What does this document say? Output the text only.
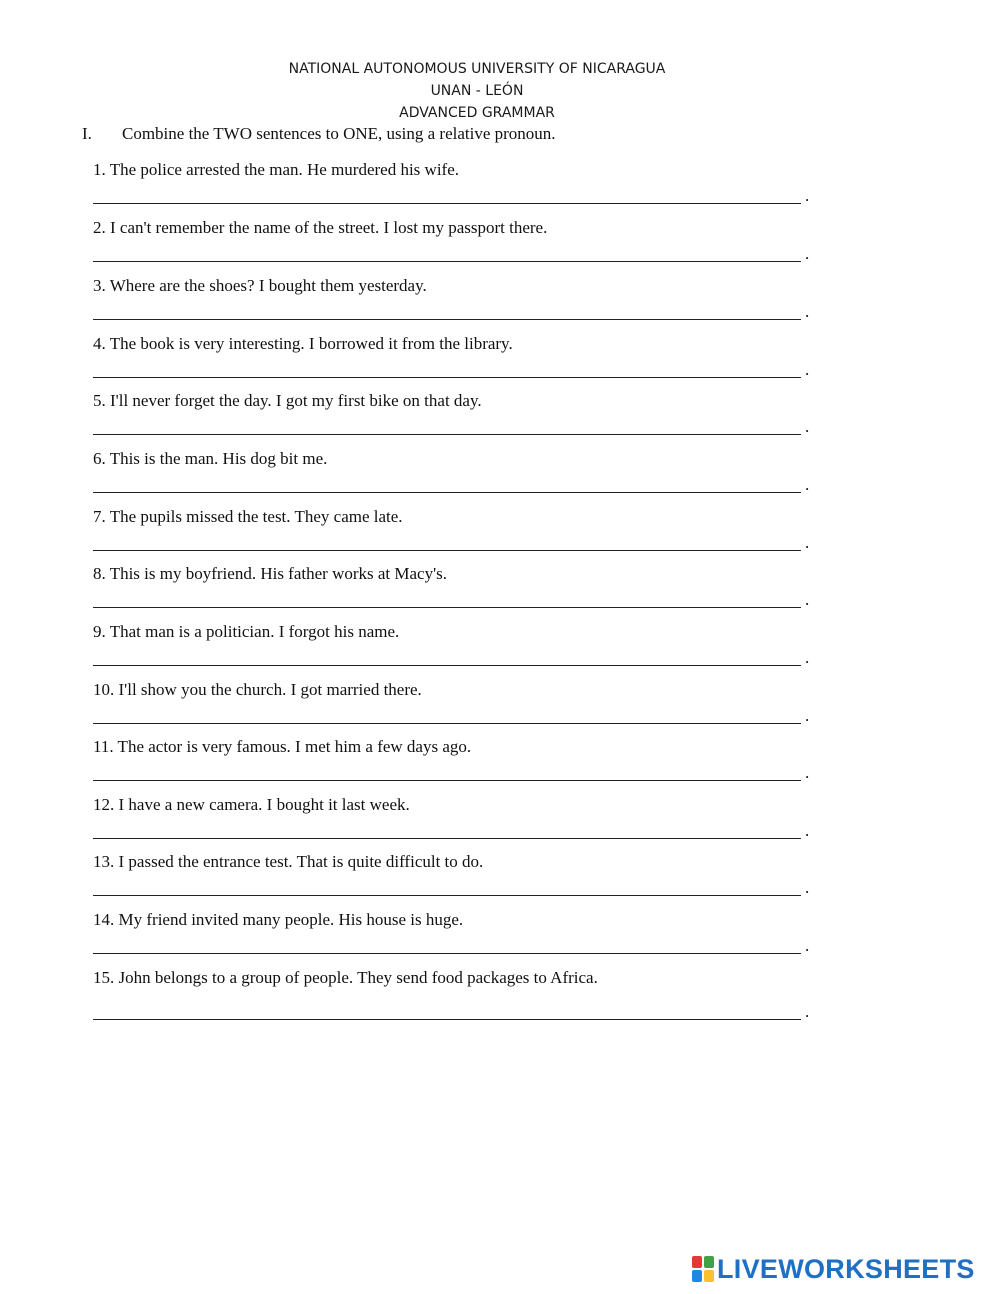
NATIONAL AUTONOMOUS UNIVERSITY OF NICARAGUA
UNAN - LEÓN
ADVANCED GRAMMAR
I. Combine the TWO sentences to ONE, using a relative pronoun.
1. The police arrested the man. He murdered his wife.
.
2. I can't remember the name of the street. I lost my passport there.
.
3. Where are the shoes? I bought them yesterday.
.
4. The book is very interesting. I borrowed it from the library.
.
5. I'll never forget the day. I got my first bike on that day.
.
6. This is the man. His dog bit me.
.
7. The pupils missed the test. They came late.
.
8. This is my boyfriend. His father works at Macy's.
.
9. That man is a politician. I forgot his name.
.
10. I'll show you the church. I got married there.
.
11. The actor is very famous. I met him a few days ago.
.
12. I have a new camera. I bought it last week.
.
13. I passed the entrance test. That is quite difficult to do.
.
14. My friend invited many people. His house is huge.
.
15. John belongs to a group of people. They send food packages to Africa.
.
LIVEWORKSHEETS
